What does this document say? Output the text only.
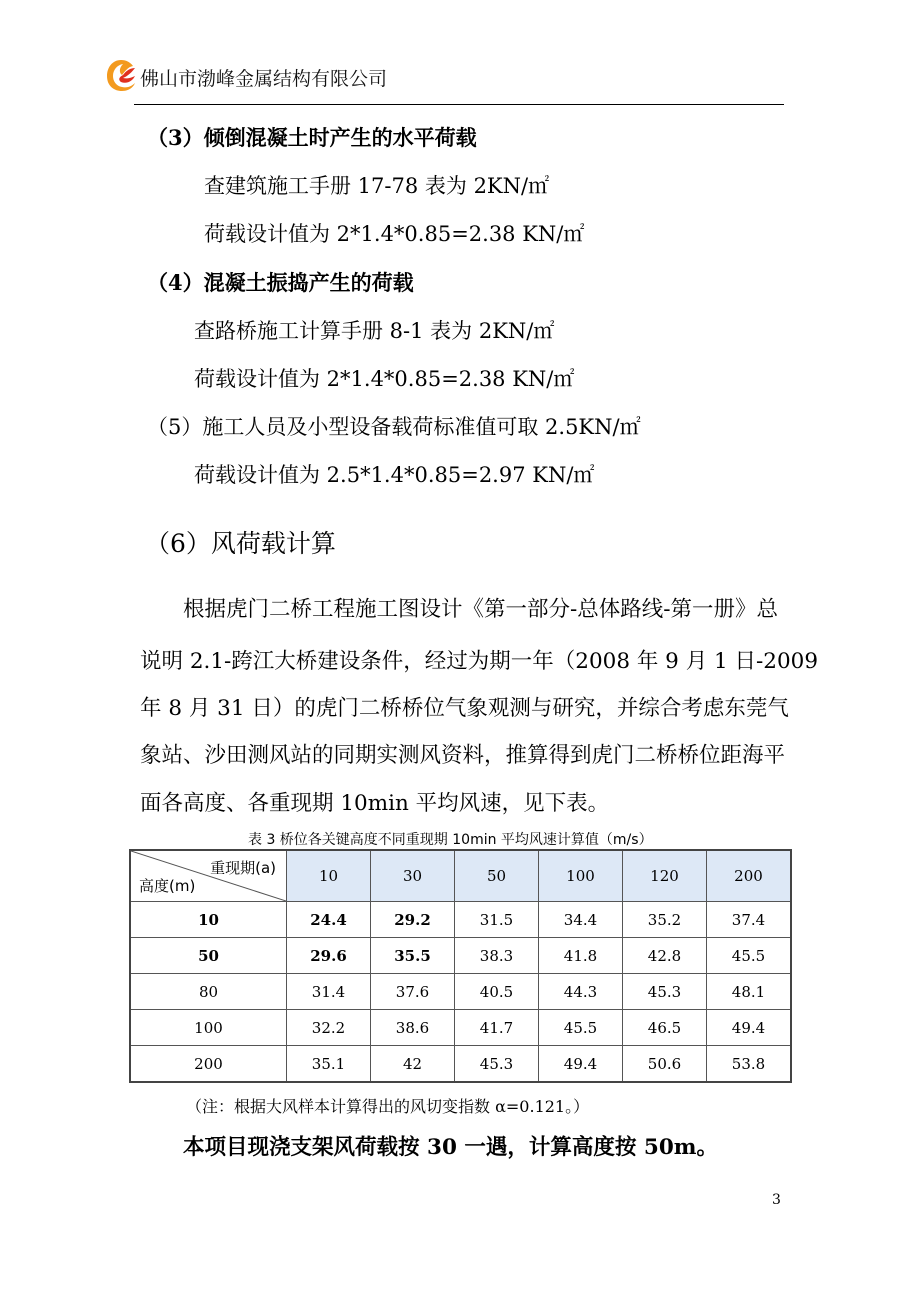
佛山市渤峰金属结构有限公司
（3）倾倒混凝土时产生的水平荷载
查建筑施工手册 17-78 表为 2KN/㎡
荷载设计值为 2*1.4*0.85=2.38 KN/㎡
（4）混凝土振捣产生的荷载
查路桥施工计算手册 8-1 表为 2KN/㎡
荷载设计值为 2*1.4*0.85=2.38 KN/㎡
（5）施工人员及小型设备载荷标准值可取 2.5KN/㎡
荷载设计值为 2.5*1.4*0.85=2.97 KN/㎡
（6）风荷载计算
根据虎门二桥工程施工图设计《第一部分-总体路线-第一册》总
说明 2.1-跨江大桥建设条件，经过为期一年（2008 年 9 月 1 日-2009
年 8 月 31 日）的虎门二桥桥位气象观测与研究，并综合考虑东莞气
象站、沙田测风站的同期实测风资料，推算得到虎门二桥桥位距海平
面各高度、各重现期 10min 平均风速，见下表。
表 3 桥位各关键高度不同重现期 10min 平均风速计算值（m/s）
重现期(a)
高度(m)	10	30	50	100	120	200
10	24.4	29.2	31.5	34.4	35.2	37.4
50	29.6	35.5	38.3	41.8	42.8	45.5
80	31.4	37.6	40.5	44.3	45.3	48.1
100	32.2	38.6	41.7	45.5	46.5	49.4
200	35.1	42	45.3	49.4	50.6	53.8
（注：根据大风样本计算得出的风切变指数 α=0.121。）
本项目现浇支架风荷载按 30 一遇，计算高度按 50m。
3
